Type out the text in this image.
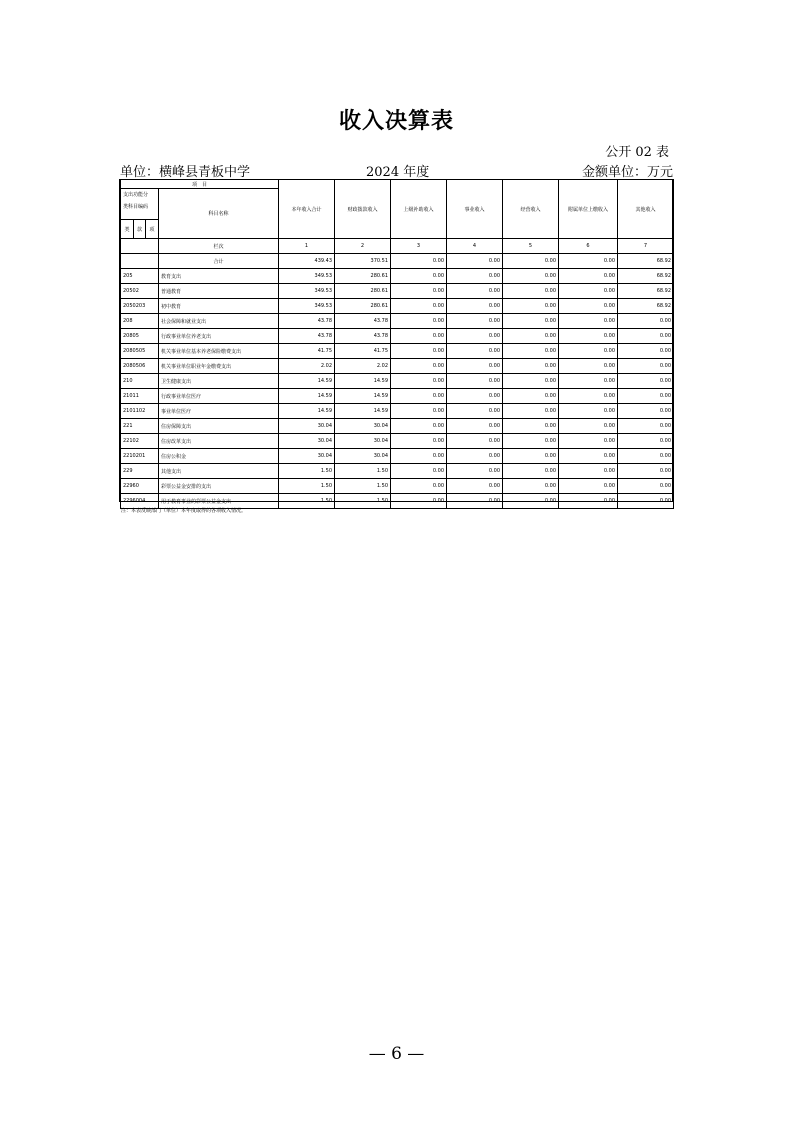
收入决算表
公开 02 表
单位：横峰县青板中学	2024 年度	金额单位：万元
项　目				本年收入合计	财政拨款收入	上级补助收入	事业收入	经营收入	附属单位上缴收入	其他收入
支出功能分
类科目编码			科目名称							
类	款	项								
			栏次	1	2	3	4	5	6	7
			合计	439.43	370.51	0.00	0.00	0.00	0.00	68.92
205			教育支出	349.53	280.61	0.00	0.00	0.00	0.00	68.92
20502			普通教育	349.53	280.61	0.00	0.00	0.00	0.00	68.92
2050203			初中教育	349.53	280.61	0.00	0.00	0.00	0.00	68.92
208			社会保障和就业支出	43.78	43.78	0.00	0.00	0.00	0.00	0.00
20805			行政事业单位养老支出	43.78	43.78	0.00	0.00	0.00	0.00	0.00
2080505			机关事业单位基本养老保险缴费支出	41.75	41.75	0.00	0.00	0.00	0.00	0.00
2080506			机关事业单位职业年金缴费支出	2.02	2.02	0.00	0.00	0.00	0.00	0.00
210			卫生健康支出	14.59	14.59	0.00	0.00	0.00	0.00	0.00
21011			行政事业单位医疗	14.59	14.59	0.00	0.00	0.00	0.00	0.00
2101102			事业单位医疗	14.59	14.59	0.00	0.00	0.00	0.00	0.00
221			住房保障支出	30.04	30.04	0.00	0.00	0.00	0.00	0.00
22102			住房改革支出	30.04	30.04	0.00	0.00	0.00	0.00	0.00
2210201			住房公积金	30.04	30.04	0.00	0.00	0.00	0.00	0.00
229			其他支出	1.50	1.50	0.00	0.00	0.00	0.00	0.00
22960			彩票公益金安排的支出	1.50	1.50	0.00	0.00	0.00	0.00	0.00
2296004			用于教育事业的彩票公益金支出	1.50	1.50	0.00	0.00	0.00	0.00	0.00
注：本表反映部门（单位）本年度取得的各项收入情况。
— 6 —
